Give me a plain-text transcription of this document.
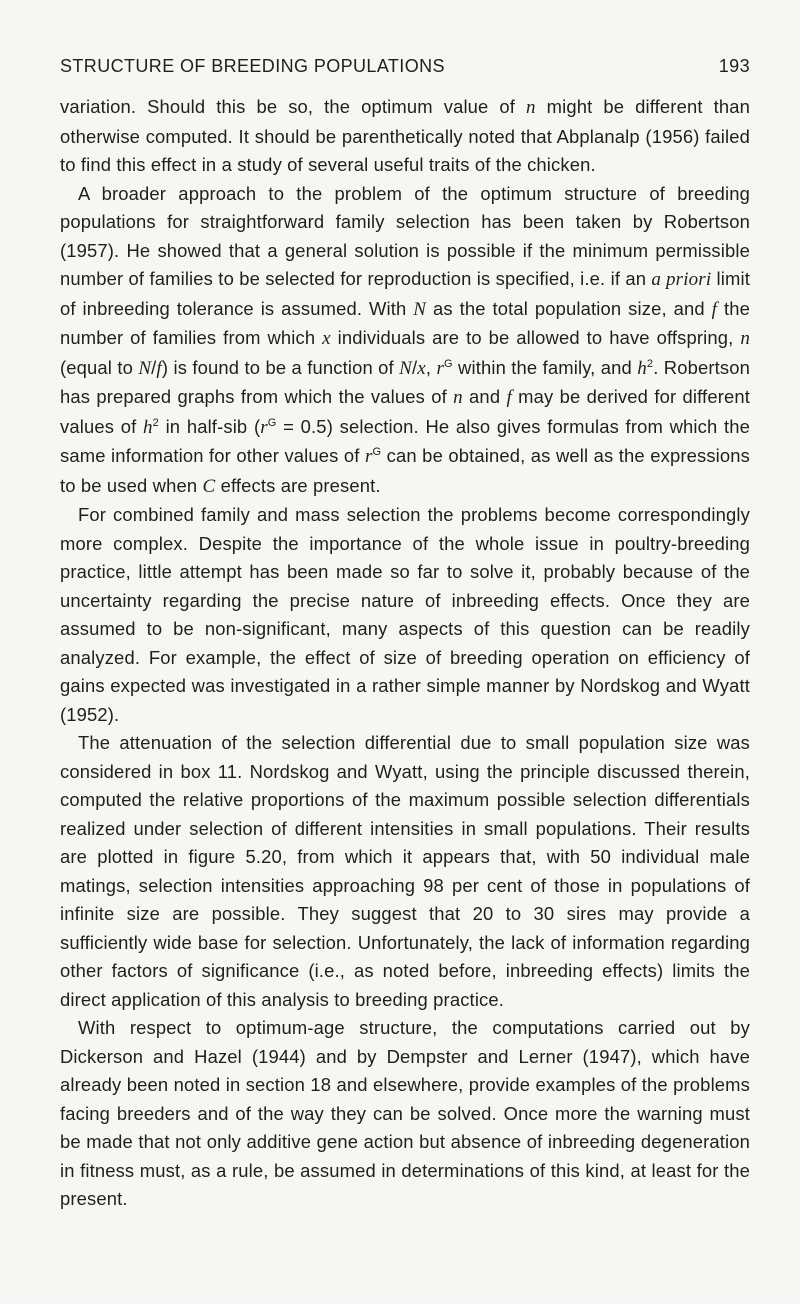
STRUCTURE OF BREEDING POPULATIONS	193

variation. Should this be so, the optimum value of n might be different than otherwise computed. It should be parenthetically noted that Abplanalp (1956) failed to find this effect in a study of several useful traits of the chicken.

A broader approach to the problem of the optimum structure of breeding populations for straightforward family selection has been taken by Robertson (1957). He showed that a general solution is possible if the minimum permissible number of families to be selected for reproduction is specified, i.e. if an a priori limit of inbreeding tolerance is assumed. With N as the total population size, and f the number of families from which x individuals are to be allowed to have offspring, n (equal to N/f) is found to be a function of N/x, $r^G$ within the family, and $h^2$. Robertson has prepared graphs from which the values of n and f may be derived for different values of $h^2$ in half-sib $(r^G = 0.5)$ selection. He also gives formulas from which the same information for other values of $r^G$ can be obtained, as well as the expressions to be used when C effects are present.

For combined family and mass selection the problems become correspondingly more complex. Despite the importance of the whole issue in poultry-breeding practice, little attempt has been made so far to solve it, probably because of the uncertainty regarding the precise nature of inbreeding effects. Once they are assumed to be non-significant, many aspects of this question can be readily analyzed. For example, the effect of size of breeding operation on efficiency of gains expected was investigated in a rather simple manner by Nordskog and Wyatt (1952).

The attenuation of the selection differential due to small population size was considered in box 11. Nordskog and Wyatt, using the principle discussed therein, computed the relative proportions of the maximum possible selection differentials realized under selection of different intensities in small populations. Their results are plotted in figure 5.20, from which it appears that, with 50 individual male matings, selection intensities approaching 98 per cent of those in populations of infinite size are possible. They suggest that 20 to 30 sires may provide a sufficiently wide base for selection. Unfortunately, the lack of information regarding other factors of significance (i.e., as noted before, inbreeding effects) limits the direct application of this analysis to breeding practice.

With respect to optimum-age structure, the computations carried out by Dickerson and Hazel (1944) and by Dempster and Lerner (1947), which have already been noted in section 18 and elsewhere, provide examples of the problems facing breeders and of the way they can be solved. Once more the warning must be made that not only additive gene action but absence of inbreeding degeneration in fitness must, as a rule, be assumed in determinations of this kind, at least for the present.
